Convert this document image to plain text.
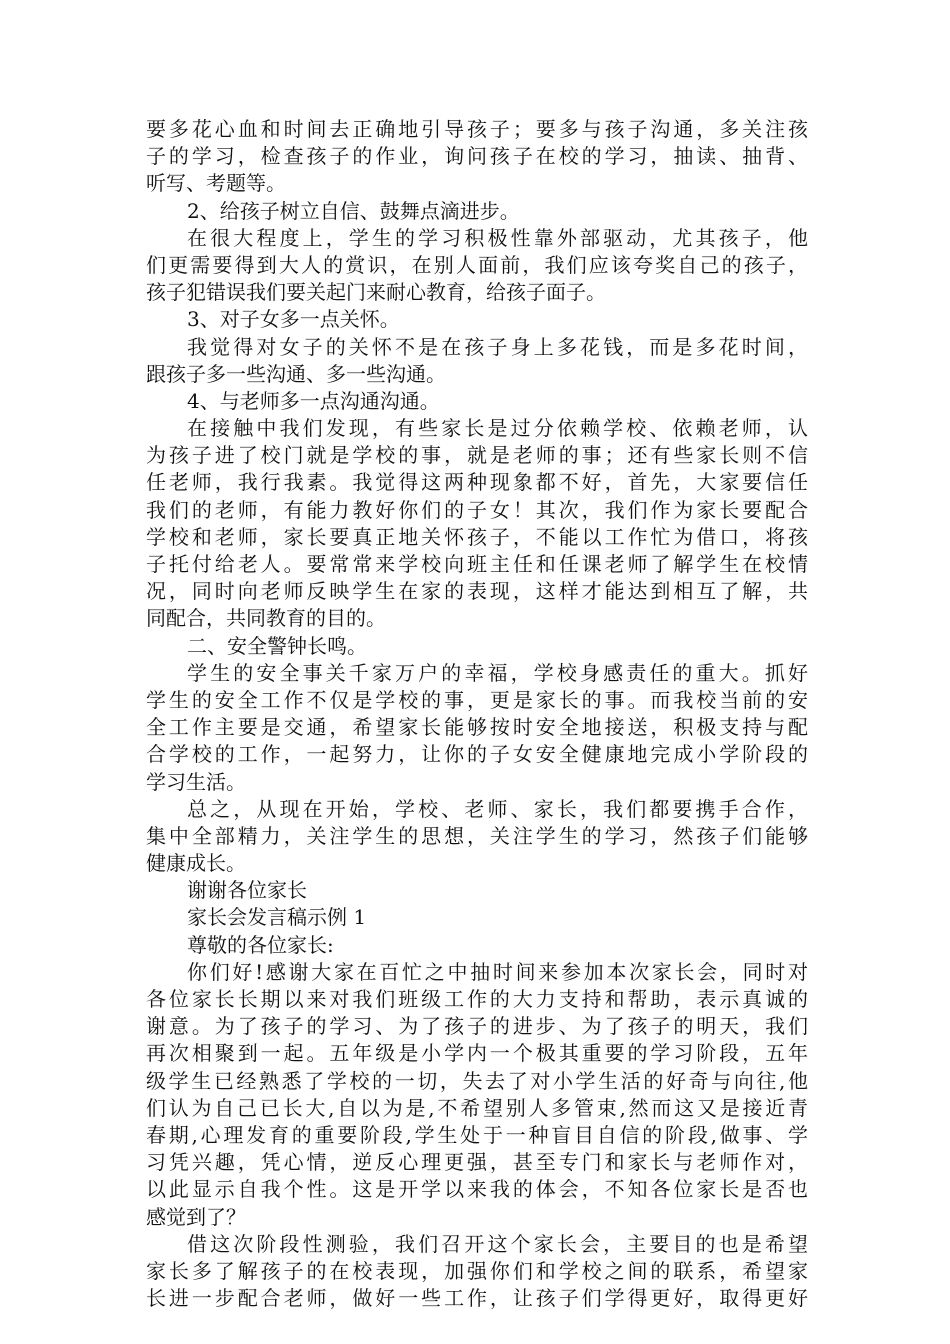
要多花心血和时间去正确地引导孩子；要多与孩子沟通，多关注孩
子的学习，检查孩子的作业，询问孩子在校的学习，抽读、抽背、
听写、考题等。
2、给孩子树立自信、鼓舞点滴进步。
在很大程度上，学生的学习积极性靠外部驱动，尤其孩子，他
们更需要得到大人的赏识，在别人面前，我们应该夸奖自己的孩子，
孩子犯错误我们要关起门来耐心教育，给孩子面子。
3、对子女多一点关怀。
我觉得对女子的关怀不是在孩子身上多花钱，而是多花时间，
跟孩子多一些沟通、多一些沟通。
4、与老师多一点沟通沟通。
在接触中我们发现，有些家长是过分依赖学校、依赖老师，认
为孩子进了校门就是学校的事，就是老师的事；还有些家长则不信
任老师，我行我素。我觉得这两种现象都不好，首先，大家要信任
我们的老师，有能力教好你们的子女！其次，我们作为家长要配合
学校和老师，家长要真正地关怀孩子，不能以工作忙为借口，将孩
子托付给老人。要常常来学校向班主任和任课老师了解学生在校情
况，同时向老师反映学生在家的表现，这样才能达到相互了解，共
同配合，共同教育的目的。
二、安全警钟长鸣。
学生的安全事关千家万户的幸福，学校身感责任的重大。抓好
学生的安全工作不仅是学校的事，更是家长的事。而我校当前的安
全工作主要是交通，希望家长能够按时安全地接送，积极支持与配
合学校的工作，一起努力，让你的子女安全健康地完成小学阶段的
学习生活。
总之，从现在开始，学校、老师、家长，我们都要携手合作，
集中全部精力，关注学生的思想，关注学生的学习，然孩子们能够
健康成长。
谢谢各位家长
家长会发言稿示例 1
尊敬的各位家长:
你们好!感谢大家在百忙之中抽时间来参加本次家长会，同时对
各位家长长期以来对我们班级工作的大力支持和帮助，表示真诚的
谢意。为了孩子的学习、为了孩子的进步、为了孩子的明天，我们
再次相聚到一起。五年级是小学内一个极其重要的学习阶段，五年
级学生已经熟悉了学校的一切，失去了对小学生活的好奇与向往,他
们认为自己已长大,自以为是,不希望别人多管束,然而这又是接近青
春期,心理发育的重要阶段,学生处于一种盲目自信的阶段,做事、学
习凭兴趣，凭心情，逆反心理更强，甚至专门和家长与老师作对，
以此显示自我个性。这是开学以来我的体会，不知各位家长是否也
感觉到了？
借这次阶段性测验，我们召开这个家长会，主要目的也是希望
家长多了解孩子的在校表现，加强你们和学校之间的联系，希望家
长进一步配合老师，做好一些工作，让孩子们学得更好，取得更好
